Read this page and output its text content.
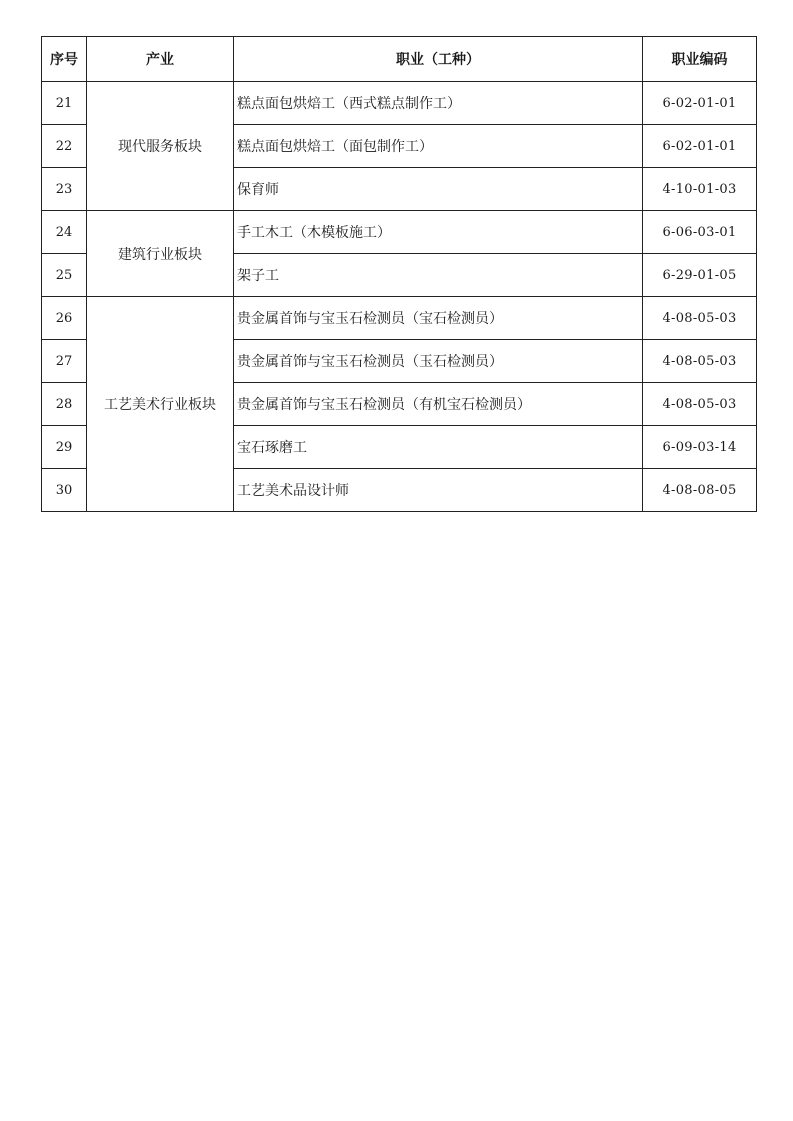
序号	产业	职业（工种）	职业编码
21	现代服务板块	糕点面包烘焙工（西式糕点制作工）	6-02-01-01
22		糕点面包烘焙工（面包制作工）	6-02-01-01
23		保育师	4-10-01-03
24	建筑行业板块	手工木工（木模板施工）	6-06-03-01
25		架子工	6-29-01-05
26	工艺美术行业板块	贵金属首饰与宝玉石检测员（宝石检测员）	4-08-05-03
27		贵金属首饰与宝玉石检测员（玉石检测员）	4-08-05-03
28		贵金属首饰与宝玉石检测员（有机宝石检测员）	4-08-05-03
29		宝石琢磨工	6-09-03-14
30		工艺美术品设计师	4-08-08-05
